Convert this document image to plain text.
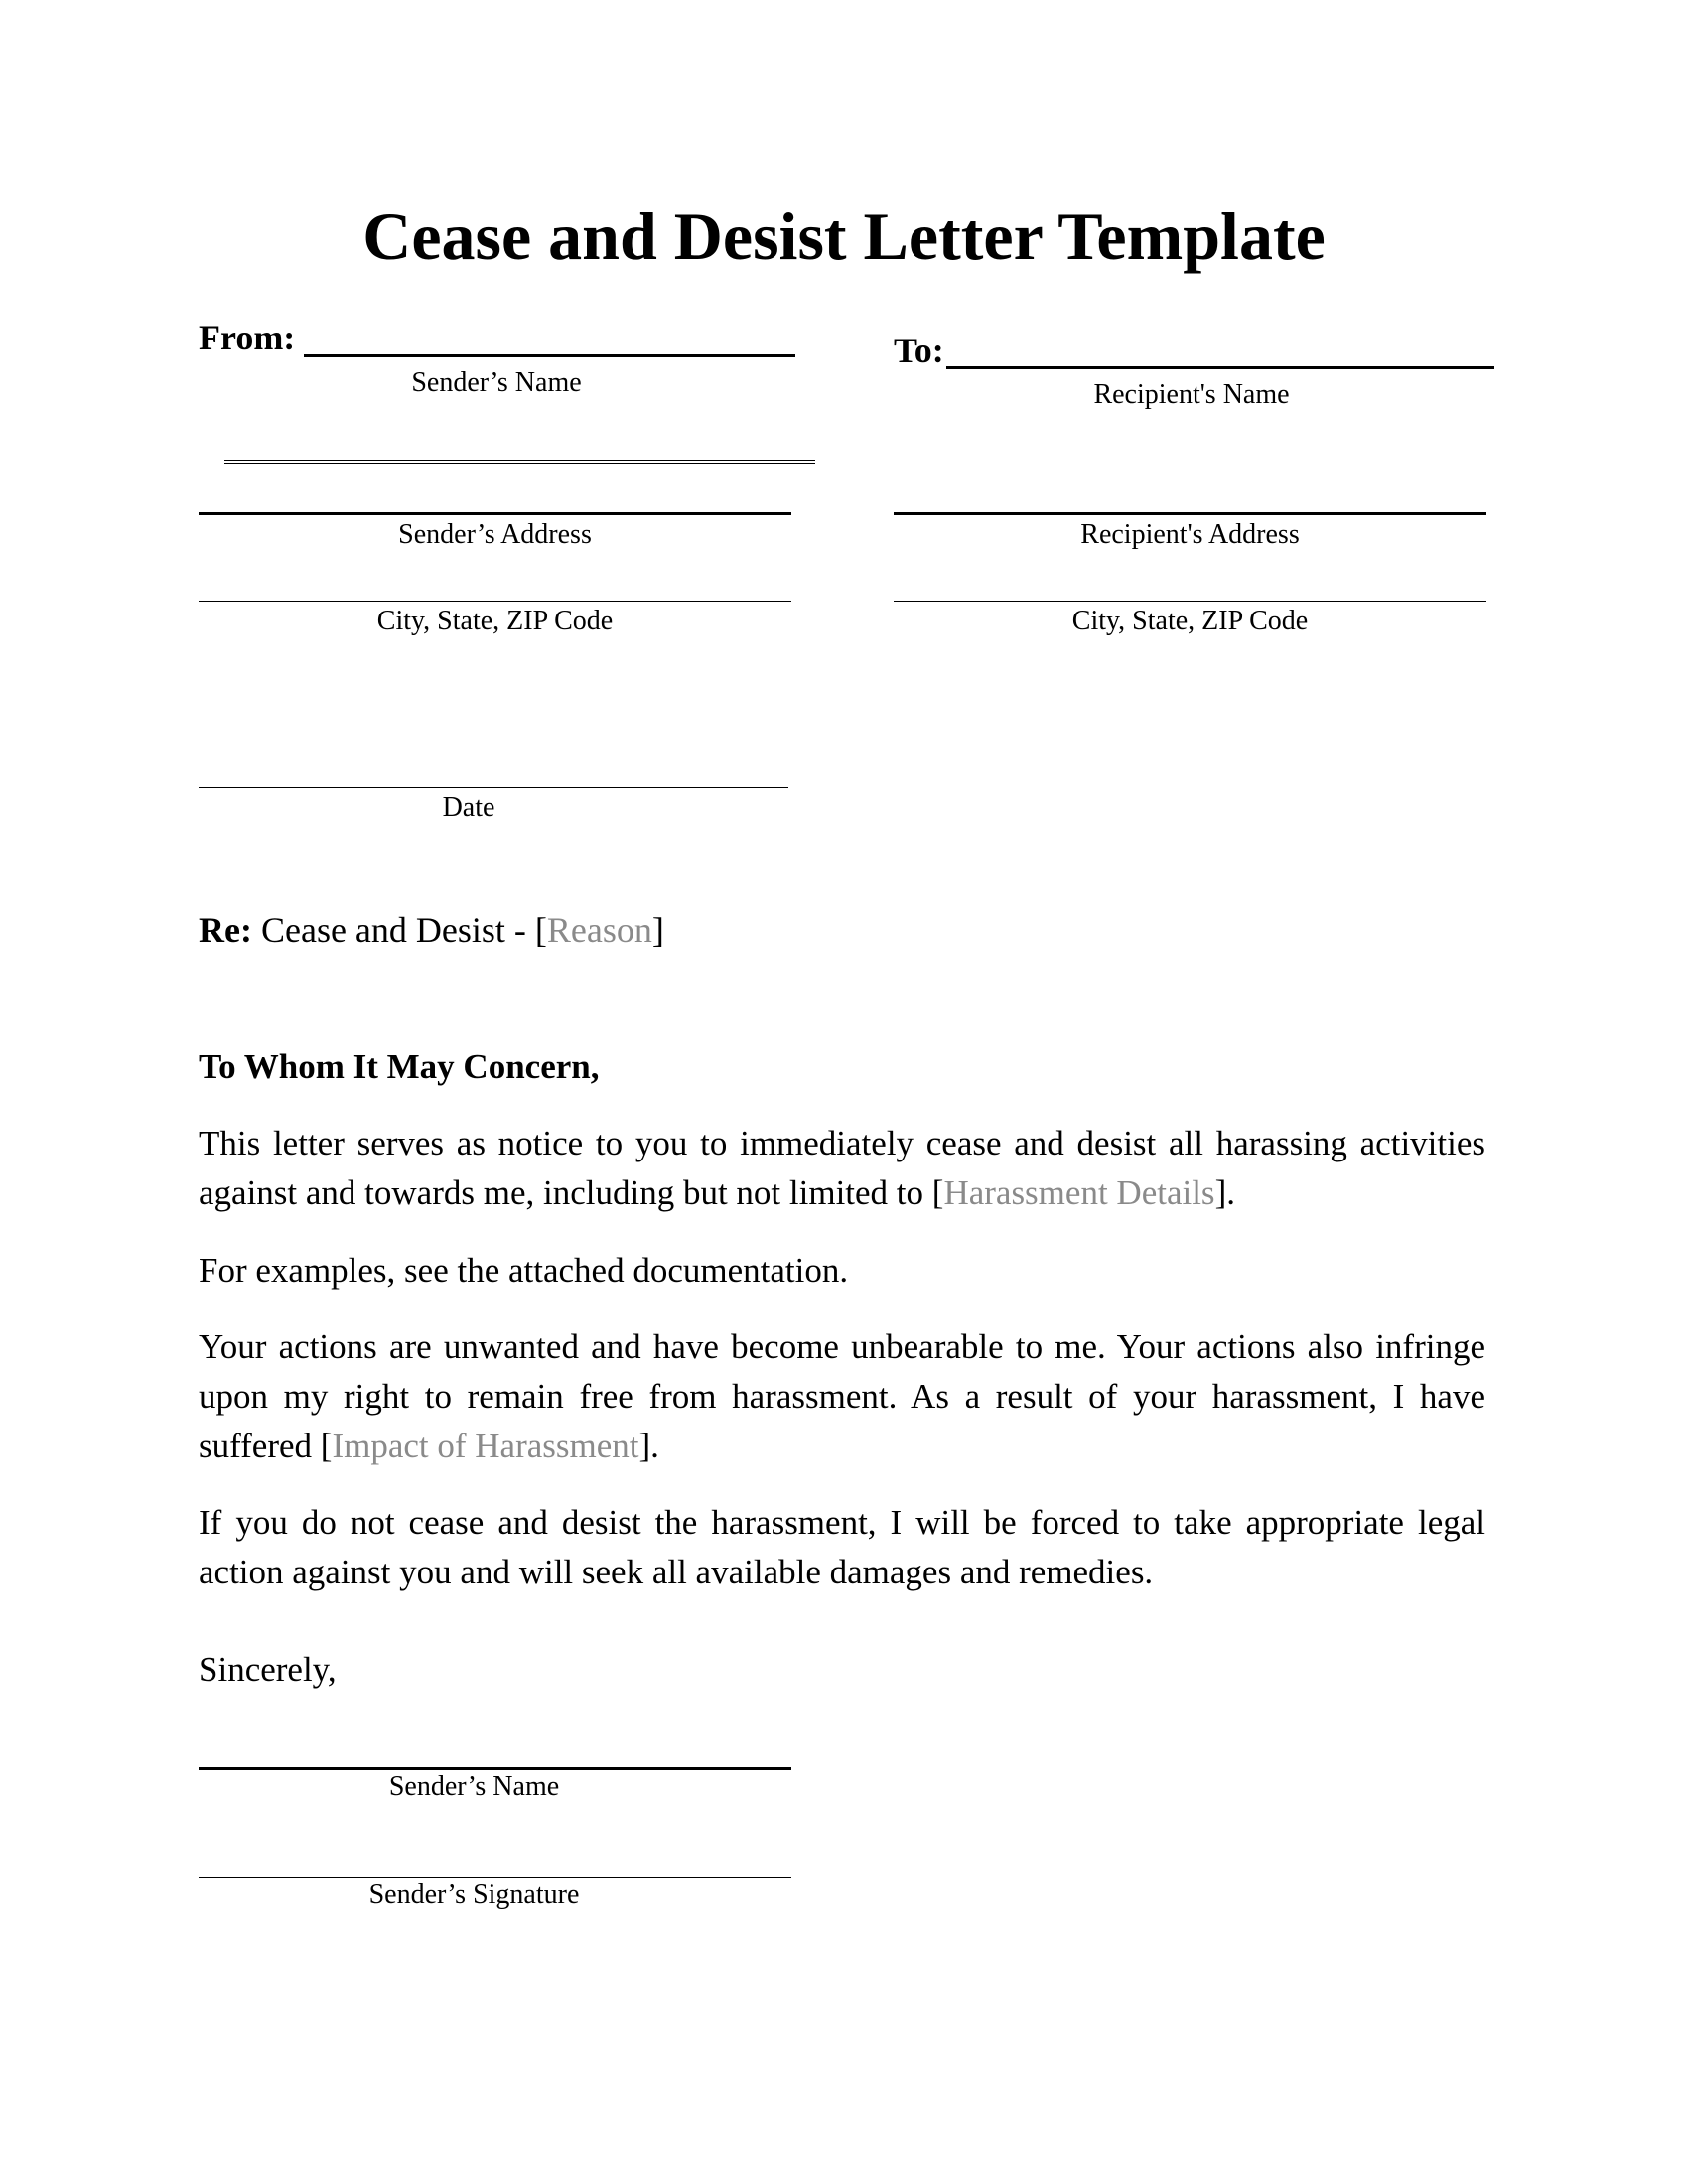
Cease and Desist Letter Template
From:
Sender’s Name
Sender’s Address
City, State, ZIP Code
To:
Recipient's Name
Recipient's Address
City, State, ZIP Code
Date
Re: Cease and Desist - [Reason]
To Whom It May Concern,
This letter serves as notice to you to immediately cease and desist all harassing activities against and towards me, including but not limited to [Harassment Details].
For examples, see the attached documentation.
Your actions are unwanted and have become unbearable to me. Your actions also infringe upon my right to remain free from harassment. As a result of your harassment, I have suffered [Impact of Harassment].
If you do not cease and desist the harassment, I will be forced to take appropriate legal action against you and will seek all available damages and remedies.
Sincerely,
Sender’s Name
Sender’s Signature
